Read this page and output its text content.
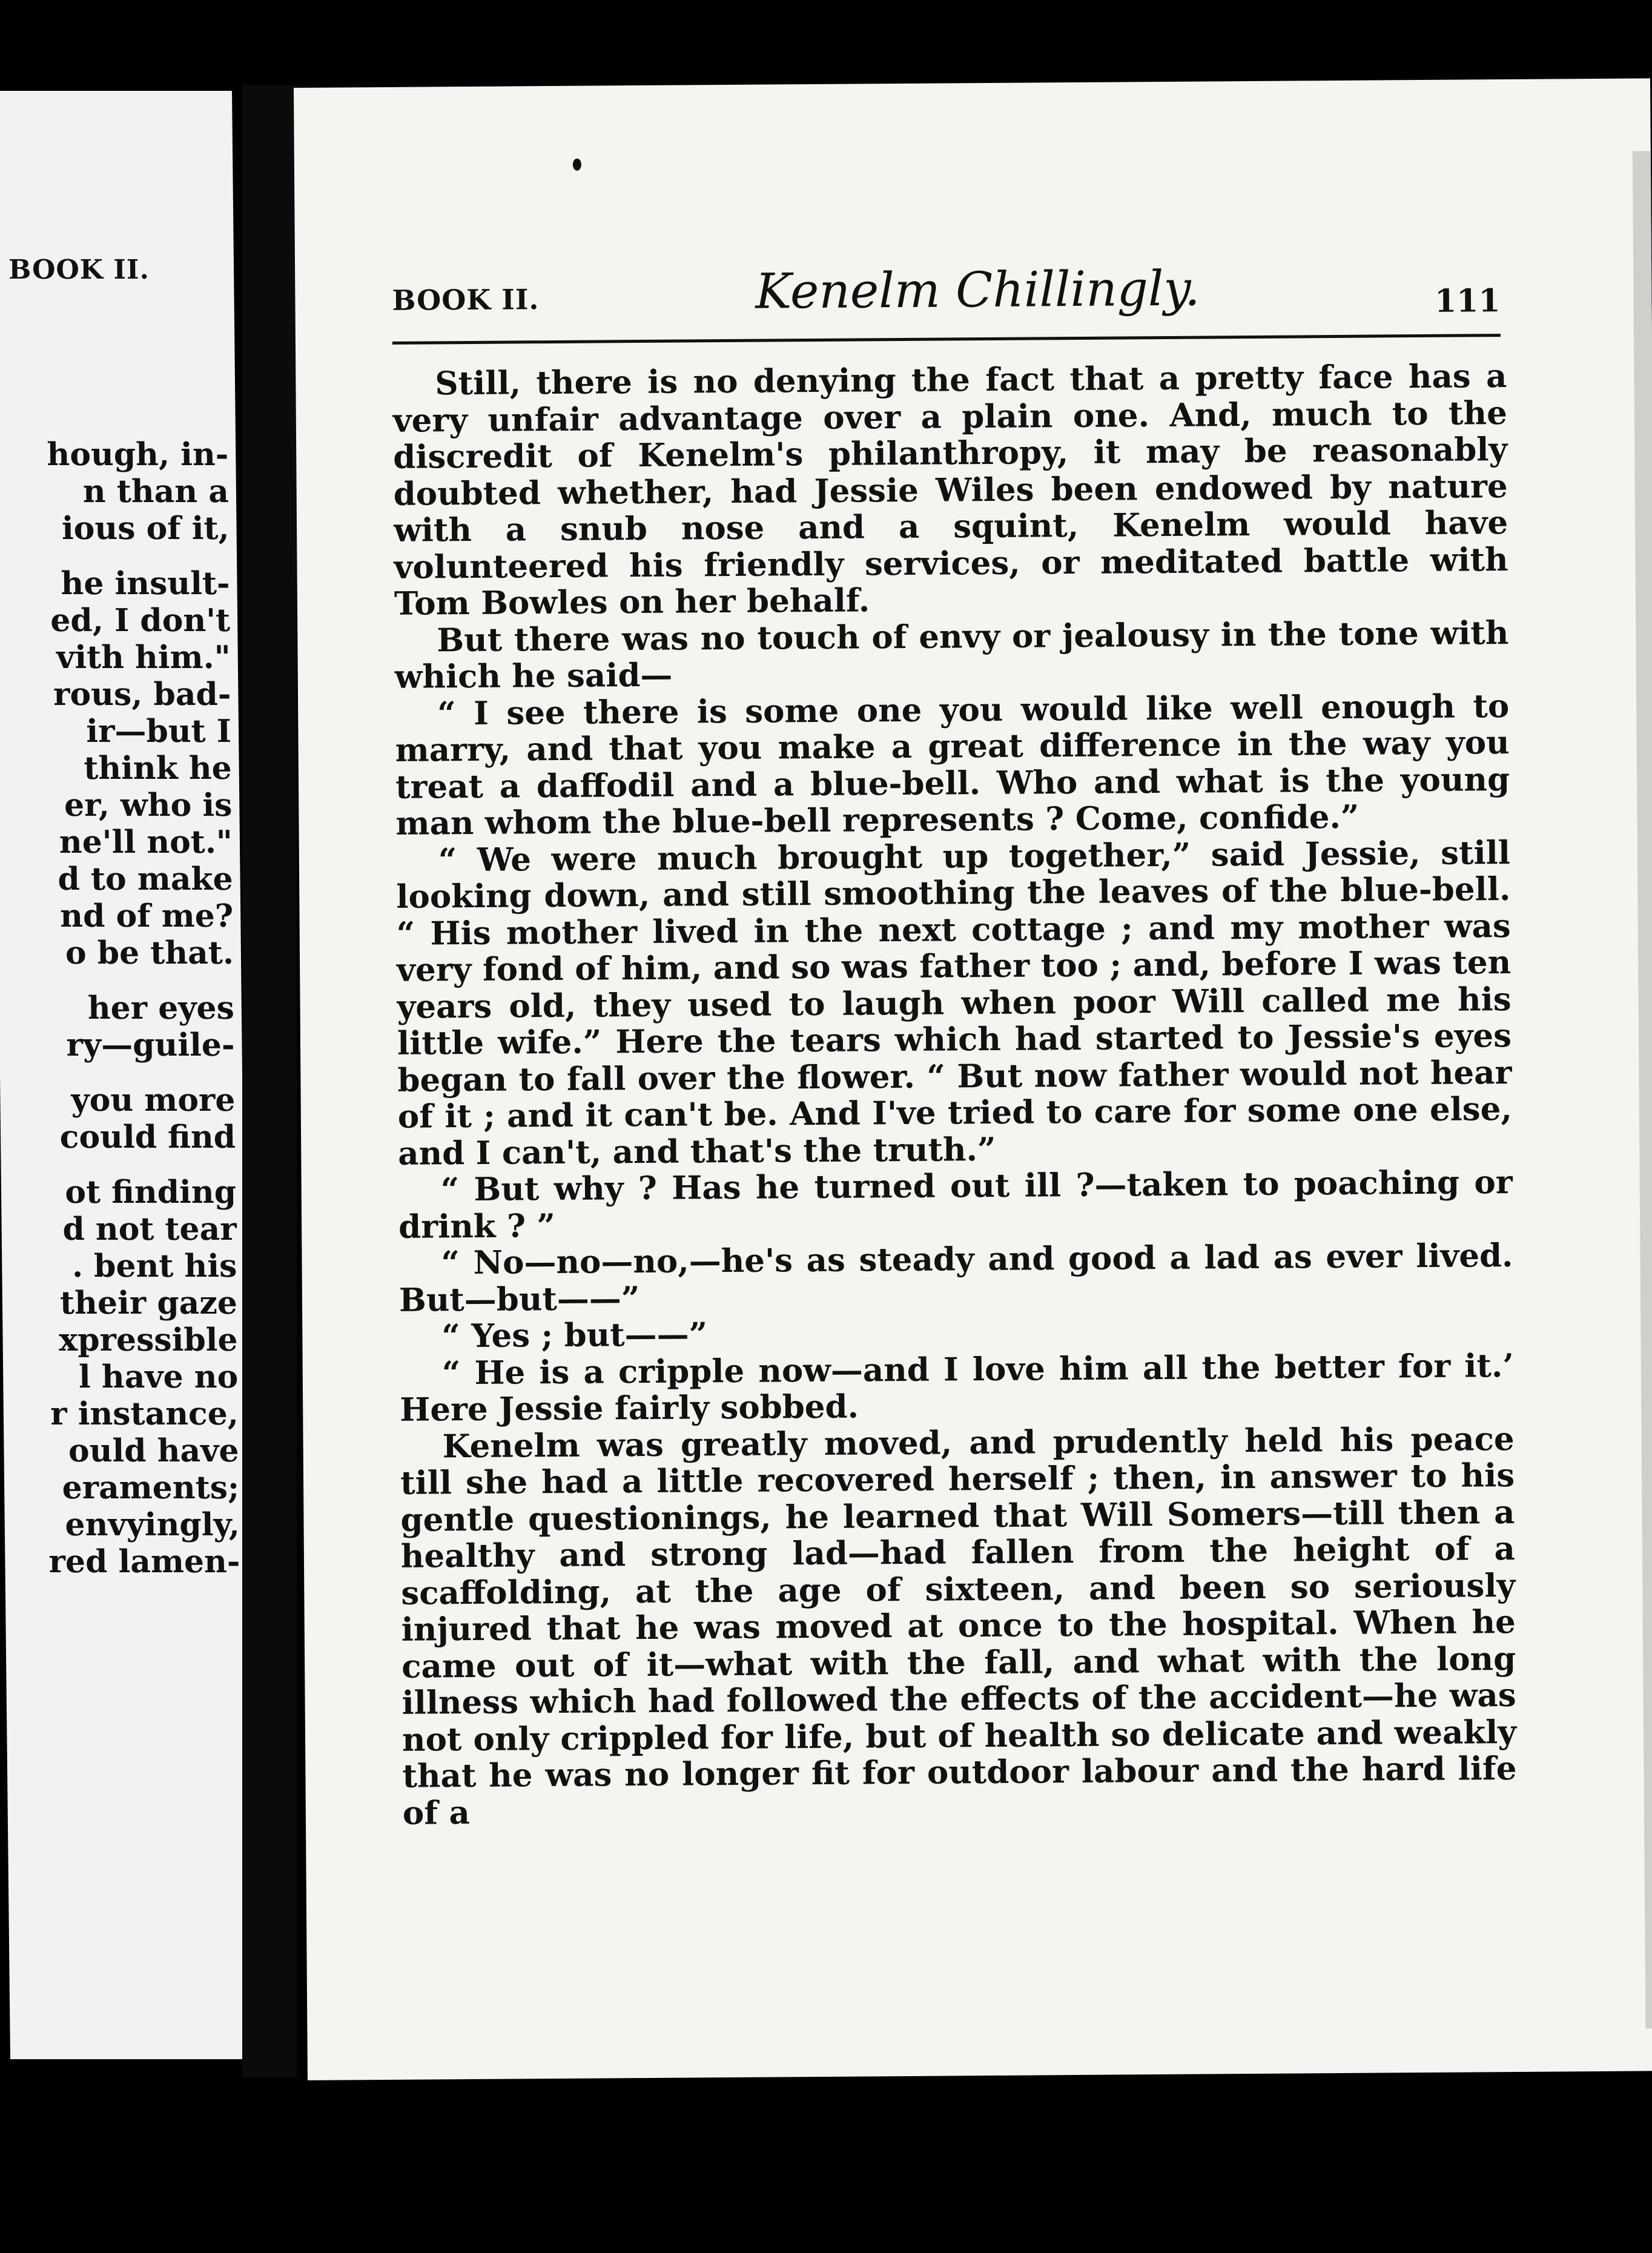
BOOK II.
hough, in-
n than a
ious of it,
he insult-
ed, I don't
vith him."
rous, bad-
ir—but I
think he
er, who is
ne'll not."
d to make
nd of me?
o be that.
her eyes
ry—guile-
you more
could find
ot finding
d not tear
. bent his
their gaze
xpressible
l have no
r instance,
ould have
eraments;
envyingly,
red lamen-
BOOK II.	Kenelm Chillingly.	111

Still, there is no denying the fact that a pretty face has a very unfair advantage over a plain one. And, much to the discredit of Kenelm's philanthropy, it may be reasonably doubted whether, had Jessie Wiles been endowed by nature with a snub nose and a squint, Kenelm would have volunteered his friendly services, or meditated battle with Tom Bowles on her behalf.

But there was no touch of envy or jealousy in the tone with which he said—

“ I see there is some one you would like well enough to marry, and that you make a great difference in the way you treat a daffodil and a blue-bell. Who and what is the young man whom the blue-bell represents ? Come, confide.”

“ We were much brought up together,” said Jessie, still looking down, and still smoothing the leaves of the blue-bell. “ His mother lived in the next cottage ; and my mother was very fond of him, and so was father too ; and, before I was ten years old, they used to laugh when poor Will called me his little wife.” Here the tears which had started to Jessie's eyes began to fall over the flower. “ But now father would not hear of it ; and it can't be. And I've tried to care for some one else, and I can't, and that's the truth.”

“ But why ? Has he turned out ill ?—taken to poaching or drink ? ”

“ No—no—no,—he's as steady and good a lad as ever lived. But—but——”

“ Yes ; but——”

“ He is a cripple now—and I love him all the better for it.’ Here Jessie fairly sobbed.

Kenelm was greatly moved, and prudently held his peace till she had a little recovered herself ; then, in answer to his gentle questionings, he learned that Will Somers—till then a healthy and strong lad—had fallen from the height of a scaffolding, at the age of sixteen, and been so seriously injured that he was moved at once to the hospital. When he came out of it—what with the fall, and what with the long illness which had followed the effects of the accident—he was not only crippled for life, but of health so delicate and weakly that he was no longer fit for outdoor labour and the hard life of a
